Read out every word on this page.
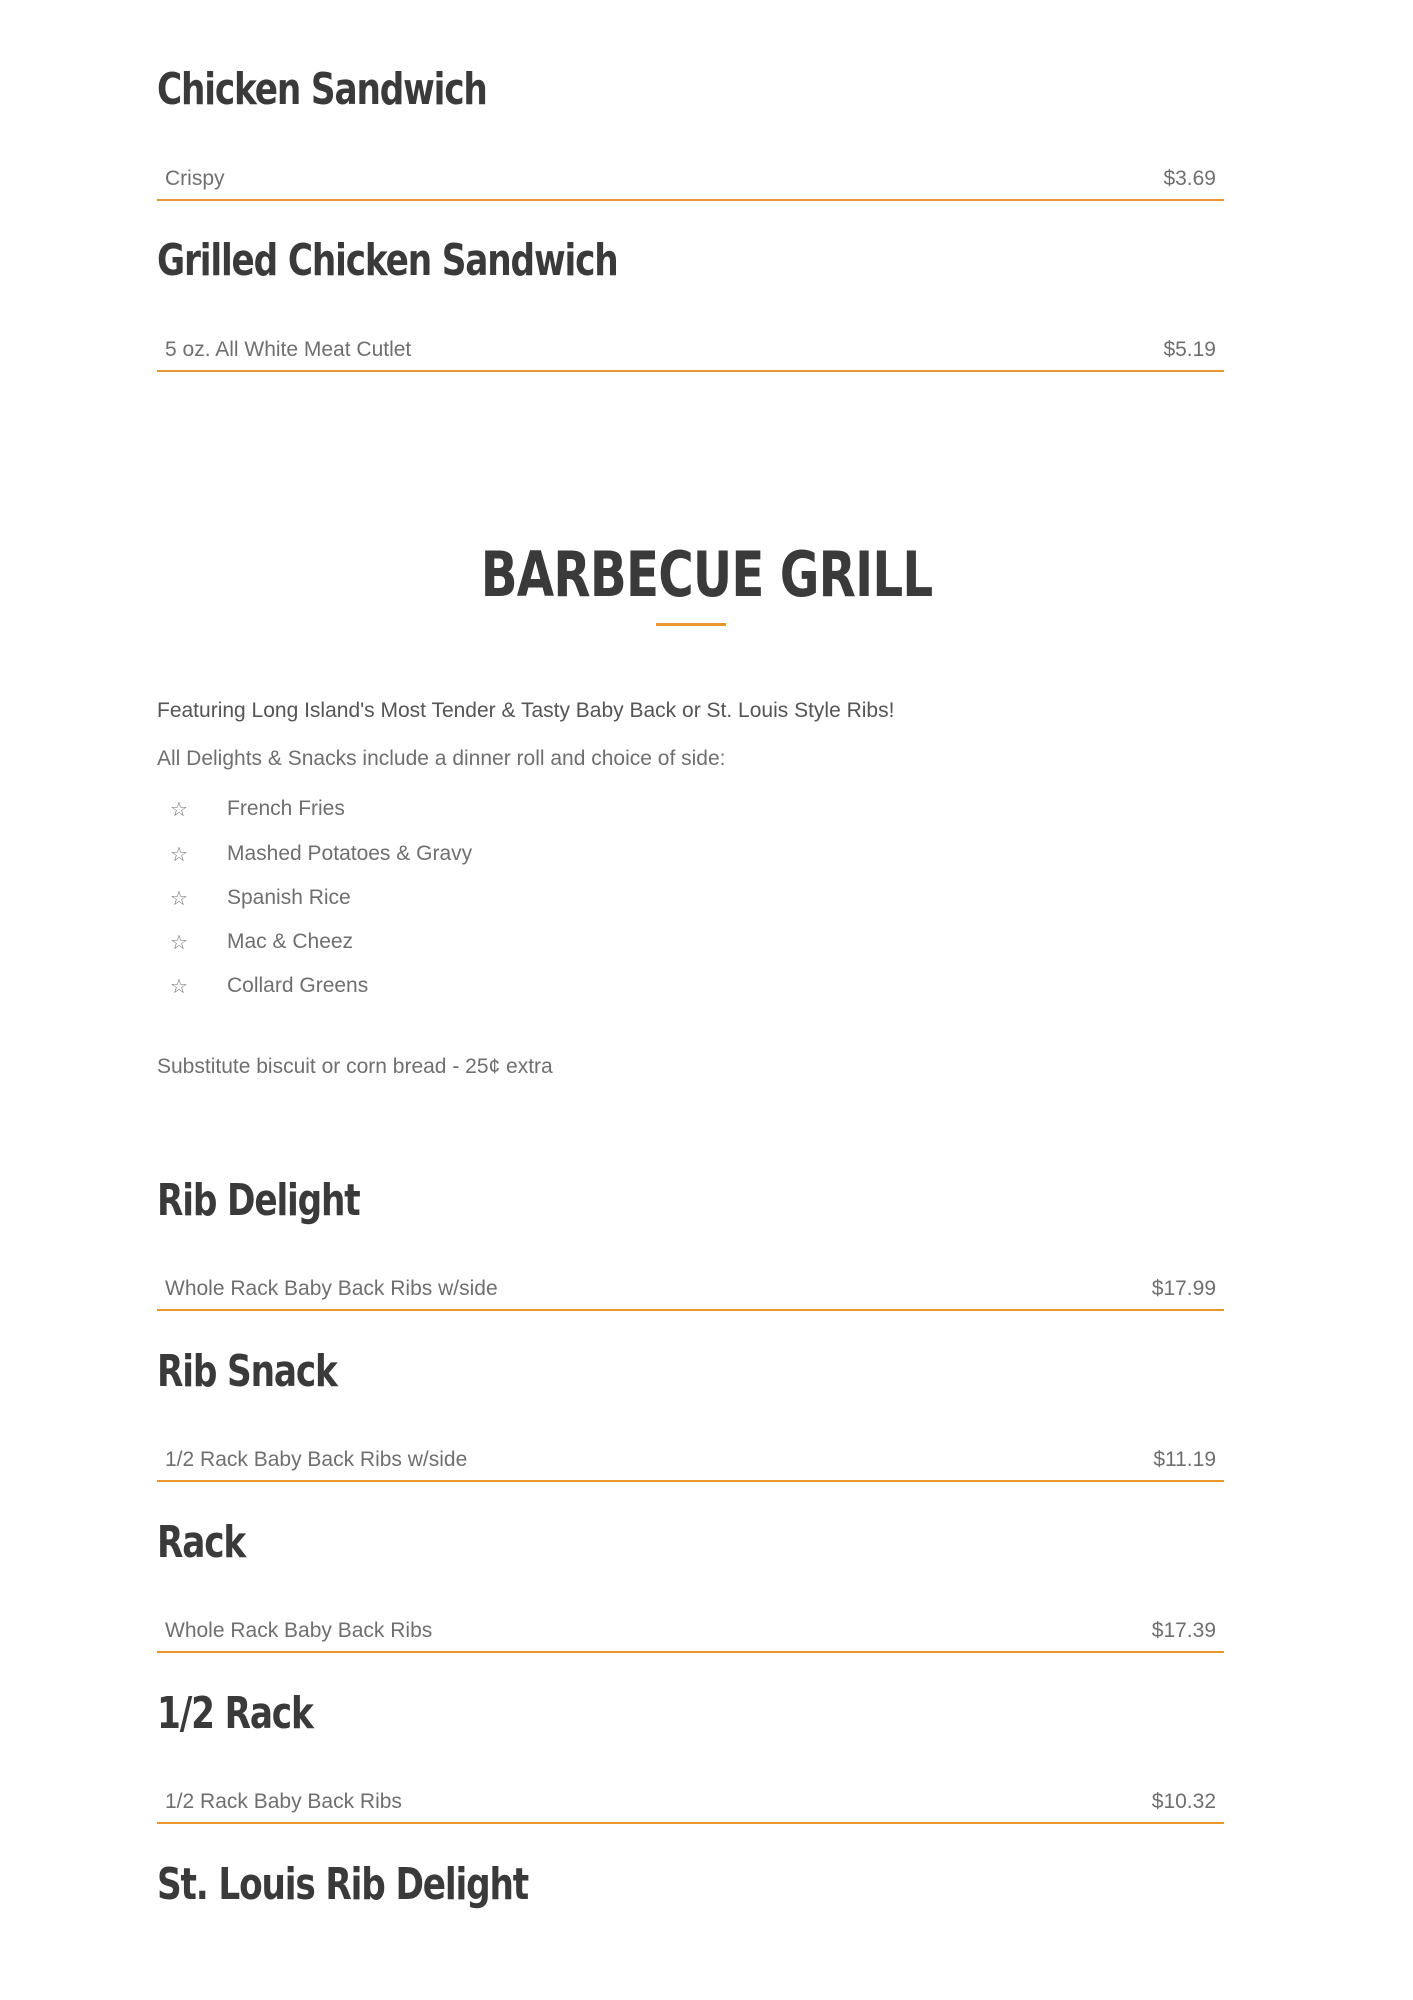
Chicken Sandwich
Crispy	$3.69
Grilled Chicken Sandwich
5 oz. All White Meat Cutlet	$5.19
BARBECUE GRILL
Featuring Long Island's Most Tender & Tasty Baby Back or St. Louis Style Ribs!
All Delights & Snacks include a dinner roll and choice of side:
☆ French Fries
☆ Mashed Potatoes & Gravy
☆ Spanish Rice
☆ Mac & Cheez
☆ Collard Greens
Substitute biscuit or corn bread - 25¢ extra
Rib Delight
Whole Rack Baby Back Ribs w/side	$17.99
Rib Snack
1/2 Rack Baby Back Ribs w/side	$11.19
Rack
Whole Rack Baby Back Ribs	$17.39
1/2 Rack
1/2 Rack Baby Back Ribs	$10.32
St. Louis Rib Delight
